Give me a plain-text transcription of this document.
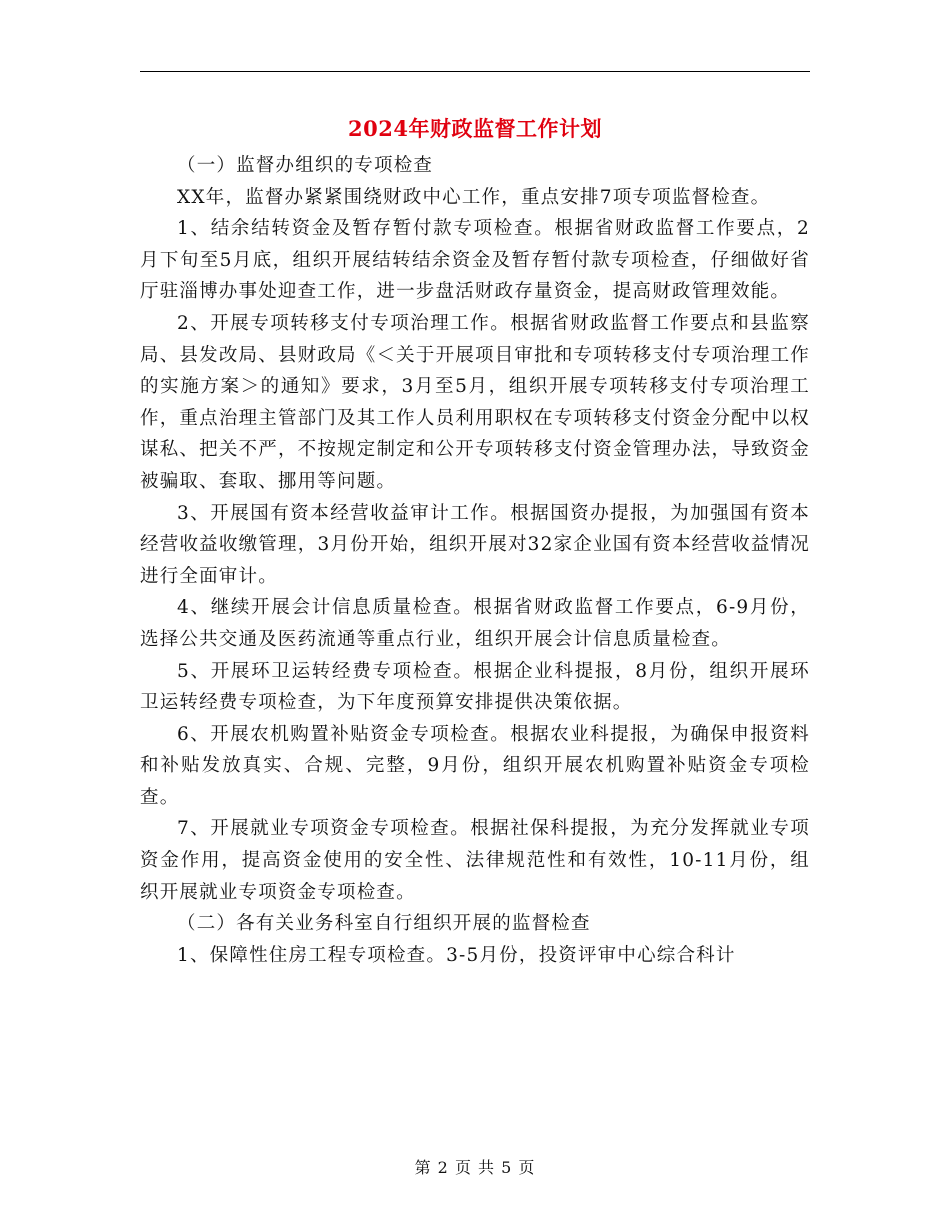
2024年财政监督工作计划

（一）监督办组织的专项检查

XX年，监督办紧紧围绕财政中心工作，重点安排7项专项监督检查。

1、结余结转资金及暂存暂付款专项检查。根据省财政监督工作要点，2月下旬至5月底，组织开展结转结余资金及暂存暂付款专项检查，仔细做好省厅驻淄博办事处迎查工作，进一步盘活财政存量资金，提高财政管理效能。

2、开展专项转移支付专项治理工作。根据省财政监督工作要点和县监察局、县发改局、县财政局《＜关于开展项目审批和专项转移支付专项治理工作的实施方案＞的通知》要求，3月至5月，组织开展专项转移支付专项治理工作，重点治理主管部门及其工作人员利用职权在专项转移支付资金分配中以权谋私、把关不严，不按规定制定和公开专项转移支付资金管理办法，导致资金被骗取、套取、挪用等问题。

3、开展国有资本经营收益审计工作。根据国资办提报，为加强国有资本经营收益收缴管理，3月份开始，组织开展对32家企业国有资本经营收益情况进行全面审计。

4、继续开展会计信息质量检查。根据省财政监督工作要点，6-9月份，选择公共交通及医药流通等重点行业，组织开展会计信息质量检查。

5、开展环卫运转经费专项检查。根据企业科提报，8月份，组织开展环卫运转经费专项检查，为下年度预算安排提供决策依据。

6、开展农机购置补贴资金专项检查。根据农业科提报，为确保申报资料和补贴发放真实、合规、完整，9月份，组织开展农机购置补贴资金专项检查。

7、开展就业专项资金专项检查。根据社保科提报，为充分发挥就业专项资金作用，提高资金使用的安全性、法律规范性和有效性，10-11月份，组织开展就业专项资金专项检查。

（二）各有关业务科室自行组织开展的监督检查

1、保障性住房工程专项检查。3-5月份，投资评审中心综合科计

第 2 页 共 5 页
